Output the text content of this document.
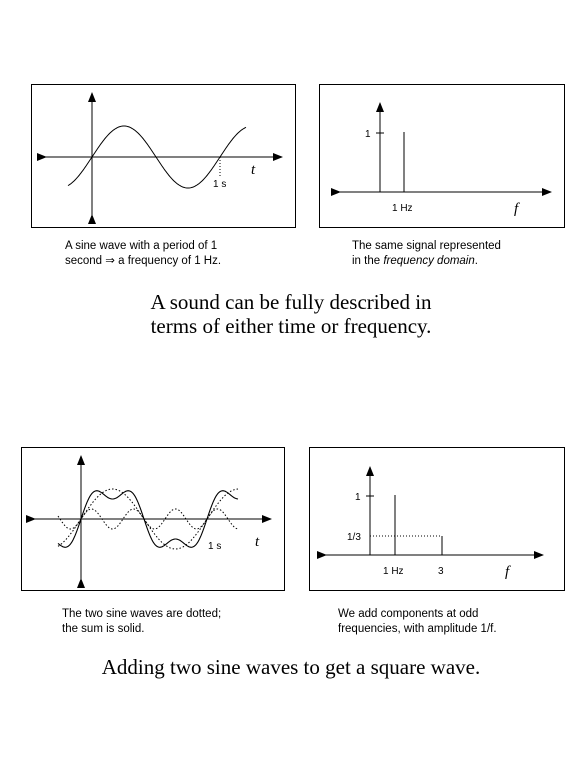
1 s
t
1
1 Hz	f
A sine wave with a period of 1
second ⇒ a frequency of 1 Hz.
The same signal represented
in the frequency domain.
A sound can be fully described in
terms of either time or frequency.
1 s t
1
1/3
1 Hz	3	f
The two sine waves are dotted;
the sum is solid.
We add components at odd
frequencies, with amplitude 1/f.
Adding two sine waves to get a square wave.
